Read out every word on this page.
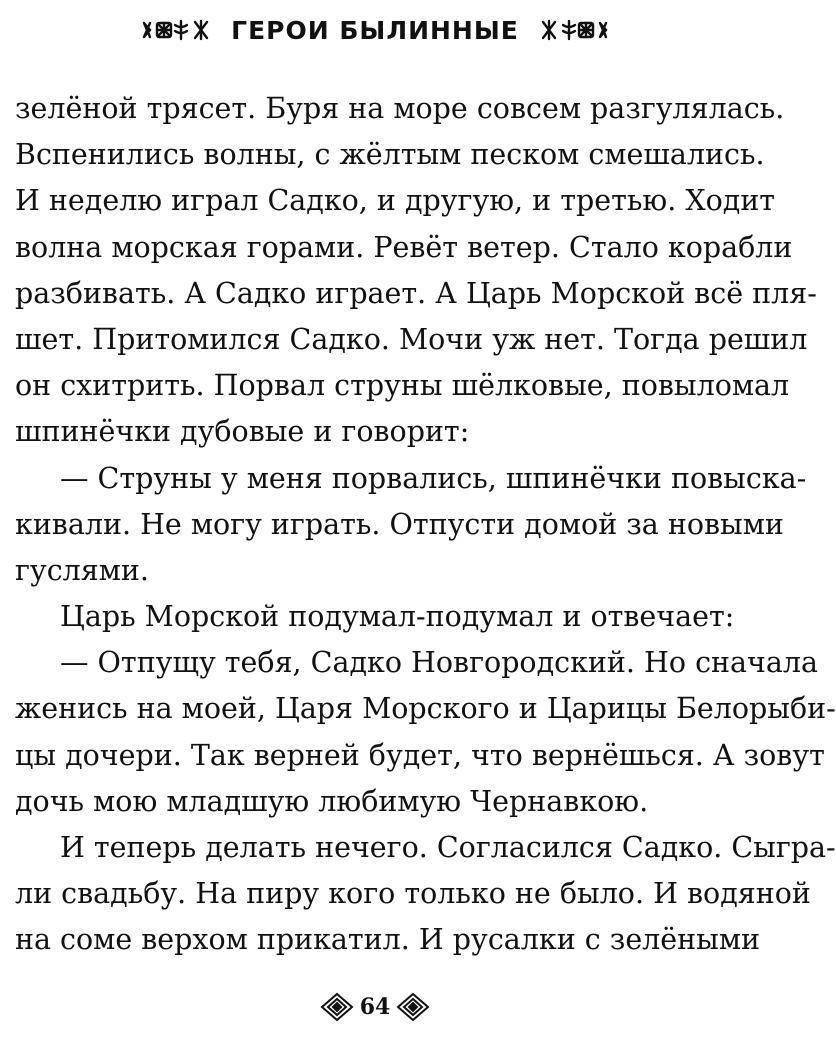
ГЕРОИ БЫЛИННЫЕ
зелёной трясет. Буря на море совсем разгулялась.
Вспенились волны, с жёлтым песком смешались.
И неделю играл Садко, и другую, и третью. Ходит
волна морская горами. Ревёт ветер. Стало корабли
разбивать. А Садко играет. А Царь Морской всё пля-
шет. Притомился Садко. Мочи уж нет. Тогда решил
он схитрить. Порвал струны шёлковые, повыломал
шпинёчки дубовые и говорит:
— Струны у меня порвались, шпинёчки повыска-
кивали. Не могу играть. Отпусти домой за новыми
гуслями.
Царь Морской подумал-подумал и отвечает:
— Отпущу тебя, Садко Новгородский. Но сначала
женись на моей, Царя Морского и Царицы Белорыби-
цы дочери. Так верней будет, что вернёшься. А зовут
дочь мою младшую любимую Чернавкою.
И теперь делать нечего. Согласился Садко. Сыгра-
ли свадьбу. На пиру кого только не было. И водяной
на соме верхом прикатил. И русалки с зелёными
64
